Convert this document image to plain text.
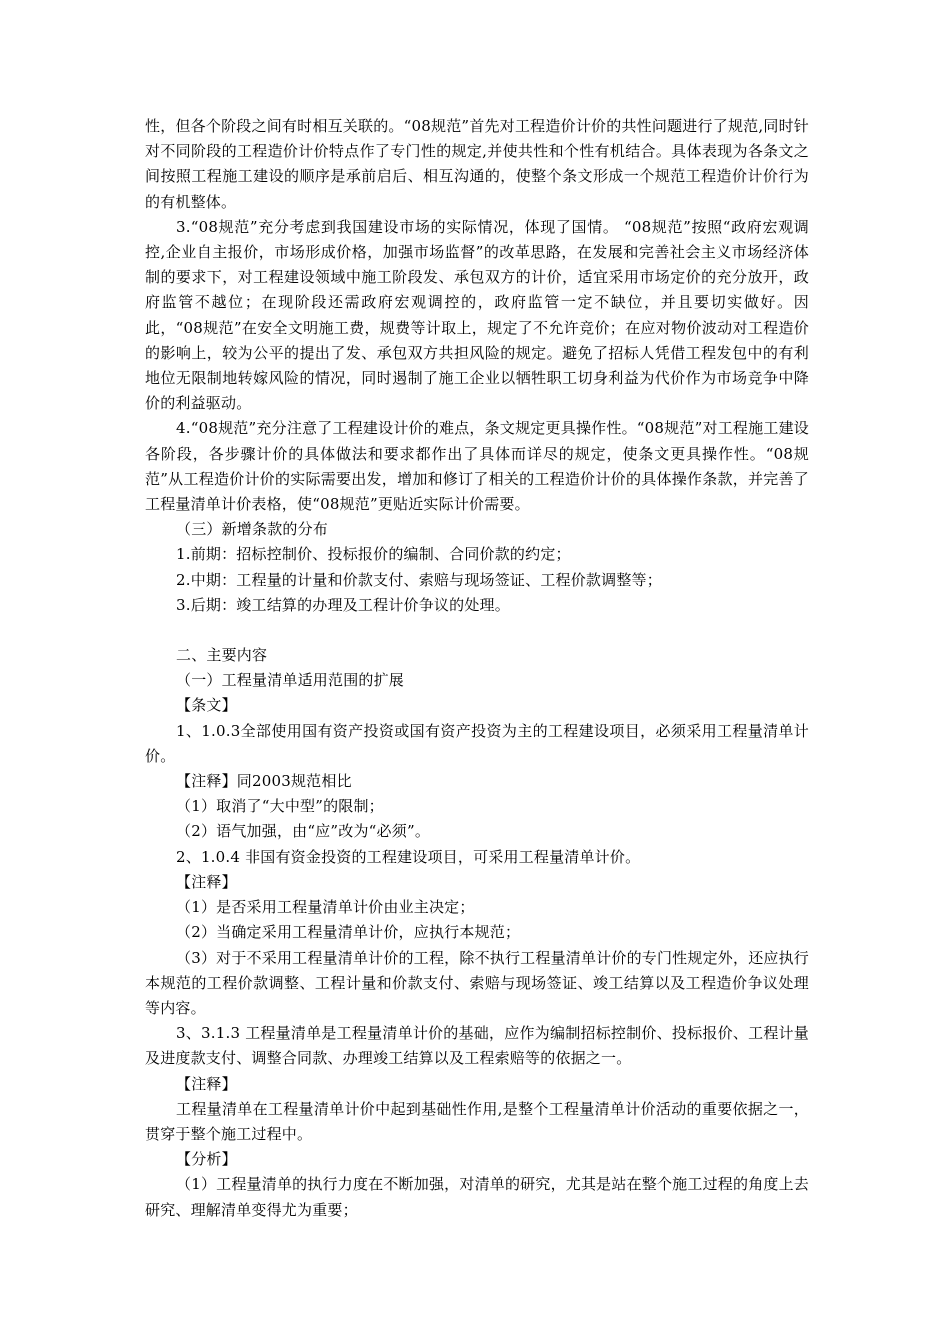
性，但各个阶段之间有时相互关联的。“08规范”首先对工程造价计价的共性问题进行了规范,同时针对不同阶段的工程造价计价特点作了专门性的规定,并使共性和个性有机结合。具体表现为各条文之间按照工程施工建设的顺序是承前启后、相互沟通的，使整个条文形成一个规范工程造价计价行为的有机整体。

3.“08规范”充分考虑到我国建设市场的实际情况，体现了国情。 “08规范”按照“政府宏观调控,企业自主报价，市场形成价格，加强市场监督”的改革思路，在发展和完善社会主义市场经济体制的要求下，对工程建设领域中施工阶段发、承包双方的计价，适宜采用市场定价的充分放开，政府监管不越位；在现阶段还需政府宏观调控的，政府监管一定不缺位，并且要切实做好。因此，“08规范”在安全文明施工费，规费等计取上，规定了不允许竞价；在应对物价波动对工程造价的影响上，较为公平的提出了发、承包双方共担风险的规定。避免了招标人凭借工程发包中的有利地位无限制地转嫁风险的情况，同时遏制了施工企业以牺牲职工切身利益为代价作为市场竞争中降价的利益驱动。

4.“08规范”充分注意了工程建设计价的难点，条文规定更具操作性。“08规范”对工程施工建设各阶段，各步骤计价的具体做法和要求都作出了具体而详尽的规定，使条文更具操作性。“08规范”从工程造价计价的实际需要出发，增加和修订了相关的工程造价计价的具体操作条款，并完善了工程量清单计价表格，使“08规范”更贴近实际计价需要。

（三）新增条款的分布

1.前期：招标控制价、投标报价的编制、合同价款的约定；

2.中期：工程量的计量和价款支付、索赔与现场签证、工程价款调整等；

3.后期：竣工结算的办理及工程计价争议的处理。

二、主要内容

（一）工程量清单适用范围的扩展

【条文】

1、1.0.3全部使用国有资产投资或国有资产投资为主的工程建设项目，必须采用工程量清单计价。

【注释】同2003规范相比

（1）取消了“大中型”的限制；

（2）语气加强，由“应”改为“必须”。

2、1.0.4 非国有资金投资的工程建设项目，可采用工程量清单计价。

【注释】

（1）是否采用工程量清单计价由业主决定；

（2）当确定采用工程量清单计价，应执行本规范；

（3）对于不采用工程量清单计价的工程，除不执行工程量清单计价的专门性规定外，还应执行本规范的工程价款调整、工程计量和价款支付、索赔与现场签证、竣工结算以及工程造价争议处理等内容。

3、3.1.3 工程量清单是工程量清单计价的基础，应作为编制招标控制价、投标报价、工程计量及进度款支付、调整合同款、办理竣工结算以及工程索赔等的依据之一。

【注释】

工程量清单在工程量清单计价中起到基础性作用,是整个工程量清单计价活动的重要依据之一，贯穿于整个施工过程中。

【分析】

（1）工程量清单的执行力度在不断加强，对清单的研究，尤其是站在整个施工过程的角度上去研究、理解清单变得尤为重要；
